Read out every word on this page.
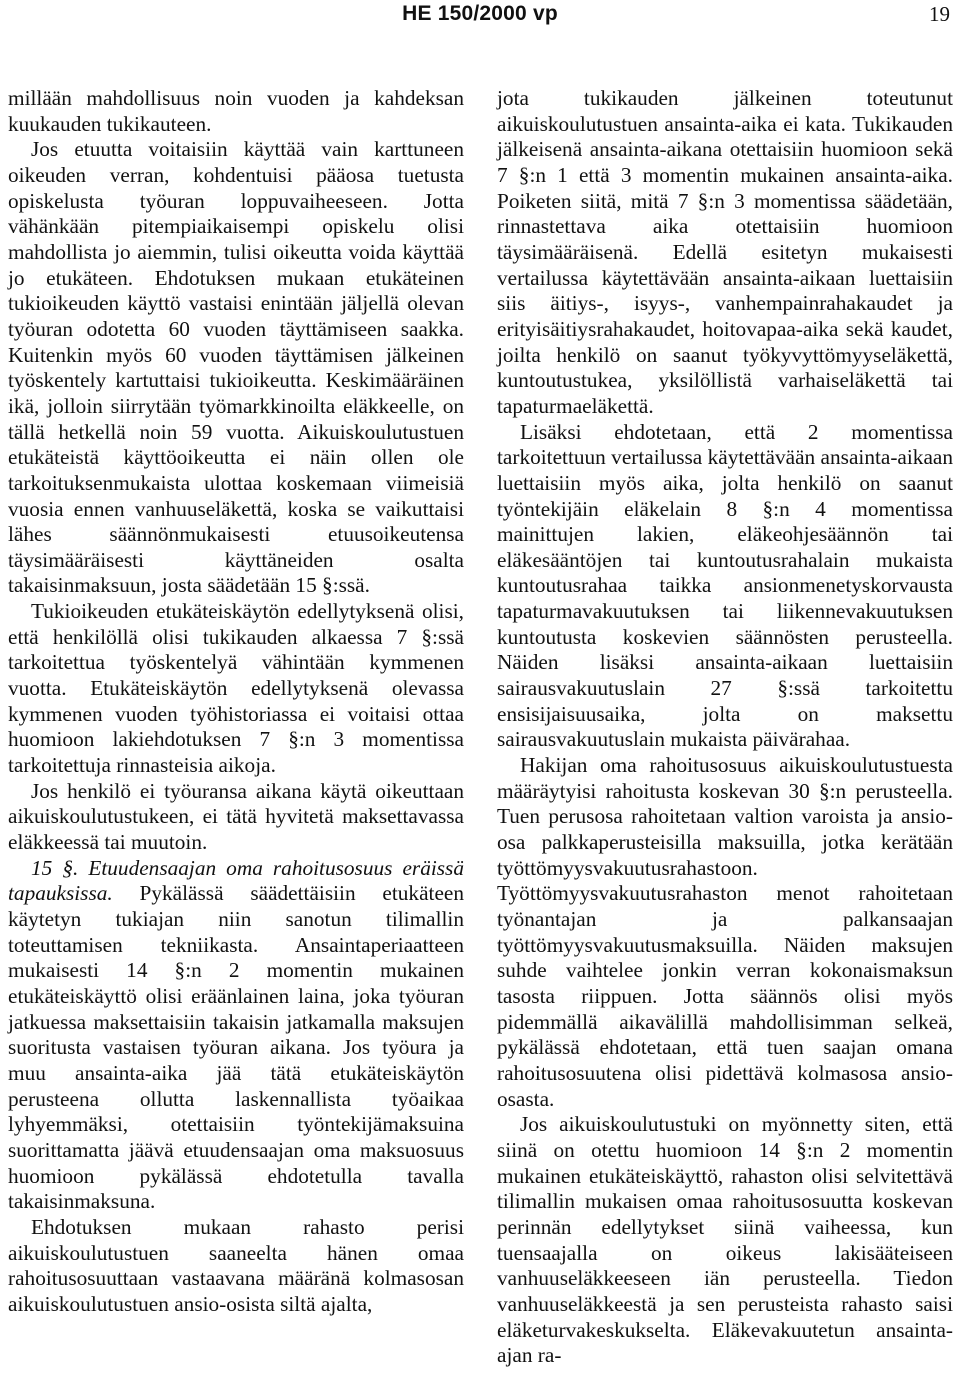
HE 150/2000 vp	19

millään mahdollisuus noin vuoden ja kahdeksan kuukauden tukikauteen.

Jos etuutta voitaisiin käyttää vain karttuneen oikeuden verran, kohdentuisi pääosa tuetusta opiskelusta työuran loppuvaiheeseen. Jotta vähänkään pitempiaikaisempi opiskelu olisi mahdollista jo aiemmin, tulisi oikeutta voida käyttää jo etukäteen. Ehdotuksen mukaan etukäteinen tukioikeuden käyttö vastaisi enintään jäljellä olevan työuran odotetta 60 vuoden täyttämiseen saakka. Kuitenkin myös 60 vuoden täyttämisen jälkeinen työskentely kartuttaisi tukioikeutta. Keskimääräinen ikä, jolloin siirrytään työmarkkinoilta eläkkeelle, on tällä hetkellä noin 59 vuotta. Aikuiskoulutustuen etukäteistä käyttöoikeutta ei näin ollen ole tarkoituksenmukaista ulottaa koskemaan viimeisiä vuosia ennen vanhuuseläkettä, koska se vaikuttaisi lähes säännönmukaisesti etuusoikeutensa täysimääräisesti käyttäneiden osalta takaisinmaksuun, josta säädetään 15 §:ssä.

Tukioikeuden etukäteiskäytön edellytyksenä olisi, että henkilöllä olisi tukikauden alkaessa 7 §:ssä tarkoitettua työskentelyä vähintään kymmenen vuotta. Etukäteiskäytön edellytyksenä olevassa kymmenen vuoden työhistoriassa ei voitaisi ottaa huomioon lakiehdotuksen 7 §:n 3 momentissa tarkoitettuja rinnasteisia aikoja.

Jos henkilö ei työuransa aikana käytä oikeuttaan aikuiskoulutustukeen, ei tätä hyvitetä maksettavassa eläkkeessä tai muutoin.

15 §. Etuudensaajan oma rahoitusosuus eräissä tapauksissa. Pykälässä säädettäisiin etukäteen käytetyn tukiajan niin sanotun tilimallin toteuttamisen tekniikasta. Ansaintaperiaatteen mukaisesti 14 §:n 2 momentin mukainen etukäteiskäyttö olisi eräänlainen laina, joka työuran jatkuessa maksettaisiin takaisin jatkamalla maksujen suoritusta vastaisen työuran aikana. Jos työura ja muu ansainta-aika jää tätä etukäteiskäytön perusteena ollutta laskennallista työaikaa lyhyemmäksi, otettaisiin työntekijämaksuina suorittamatta jäävä etuudensaajan oma maksuosuus huomioon pykälässä ehdotetulla tavalla takaisinmaksuna.

Ehdotuksen mukaan rahasto perisi aikuiskoulutustuen saaneelta hänen omaa rahoitusosuuttaan vastaavana määränä kolmasosan aikuiskoulutustuen ansio-osista siltä ajalta,

jota tukikauden jälkeinen toteutunut aikuiskoulutustuen ansainta-aika ei kata. Tukikauden jälkeisenä ansainta-aikana otettaisiin huomioon sekä 7 §:n 1 että 3 momentin mukainen ansainta-aika. Poiketen siitä, mitä 7 §:n 3 momentissa säädetään, rinnastettava aika otettaisiin huomioon täysimääräisenä. Edellä esitetyn mukaisesti vertailussa käytettävään ansainta-aikaan luettaisiin siis äitiys-, isyys-, vanhempainrahakaudet ja erityisäitiysrahakaudet, hoitovapaa-aika sekä kaudet, joilta henkilö on saanut työkyvyttömyyseläkettä, kuntoutustukea, yksilöllistä varhaiseläkettä tai tapaturmaeläkettä.

Lisäksi ehdotetaan, että 2 momentissa tarkoitettuun vertailussa käytettävään ansainta-aikaan luettaisiin myös aika, jolta henkilö on saanut työntekijäin eläkelain 8 §:n 4 momentissa mainittujen lakien, eläkeohjesäännön tai eläkesääntöjen tai kuntoutusrahalain mukaista kuntoutusrahaa taikka ansionmenetyskorvausta tapaturmavakuutuksen tai liikennevakuutuksen kuntoutusta koskevien säännösten perusteella. Näiden lisäksi ansainta-aikaan luettaisiin sairausvakuutuslain 27 §:ssä tarkoitettu ensisijaisuusaika, jolta on maksettu sairausvakuutuslain mukaista päivärahaa.

Hakijan oma rahoitusosuus aikuiskoulutustuesta määräytyisi rahoitusta koskevan 30 §:n perusteella. Tuen perusosa rahoitetaan valtion varoista ja ansio-osa palkkaperusteisilla maksuilla, jotka kerätään työttömyysvakuutusrahastoon. Työttömyysvakuutusrahaston menot rahoitetaan työnantajan ja palkansaajan työttömyysvakuutusmaksuilla. Näiden maksujen suhde vaihtelee jonkin verran kokonaismaksun tasosta riippuen. Jotta säännös olisi myös pidemmällä aikavälillä mahdollisimman selkeä, pykälässä ehdotetaan, että tuen saajan omana rahoitusosuutena olisi pidettävä kolmasosa ansio-osasta.

Jos aikuiskoulutustuki on myönnetty siten, että siinä on otettu huomioon 14 §:n 2 momentin mukainen etukäteiskäyttö, rahaston olisi selvitettävä tilimallin mukaisen omaa rahoitusosuutta koskevan perinnän edellytykset siinä vaiheessa, kun tuensaajalla on oikeus lakisääteiseen vanhuuseläkkeeseen iän perusteella. Tiedon vanhuuseläkkeestä ja sen perusteista rahasto saisi eläketurvakeskukselta. Eläkevakuutetun ansainta-ajan ra-
